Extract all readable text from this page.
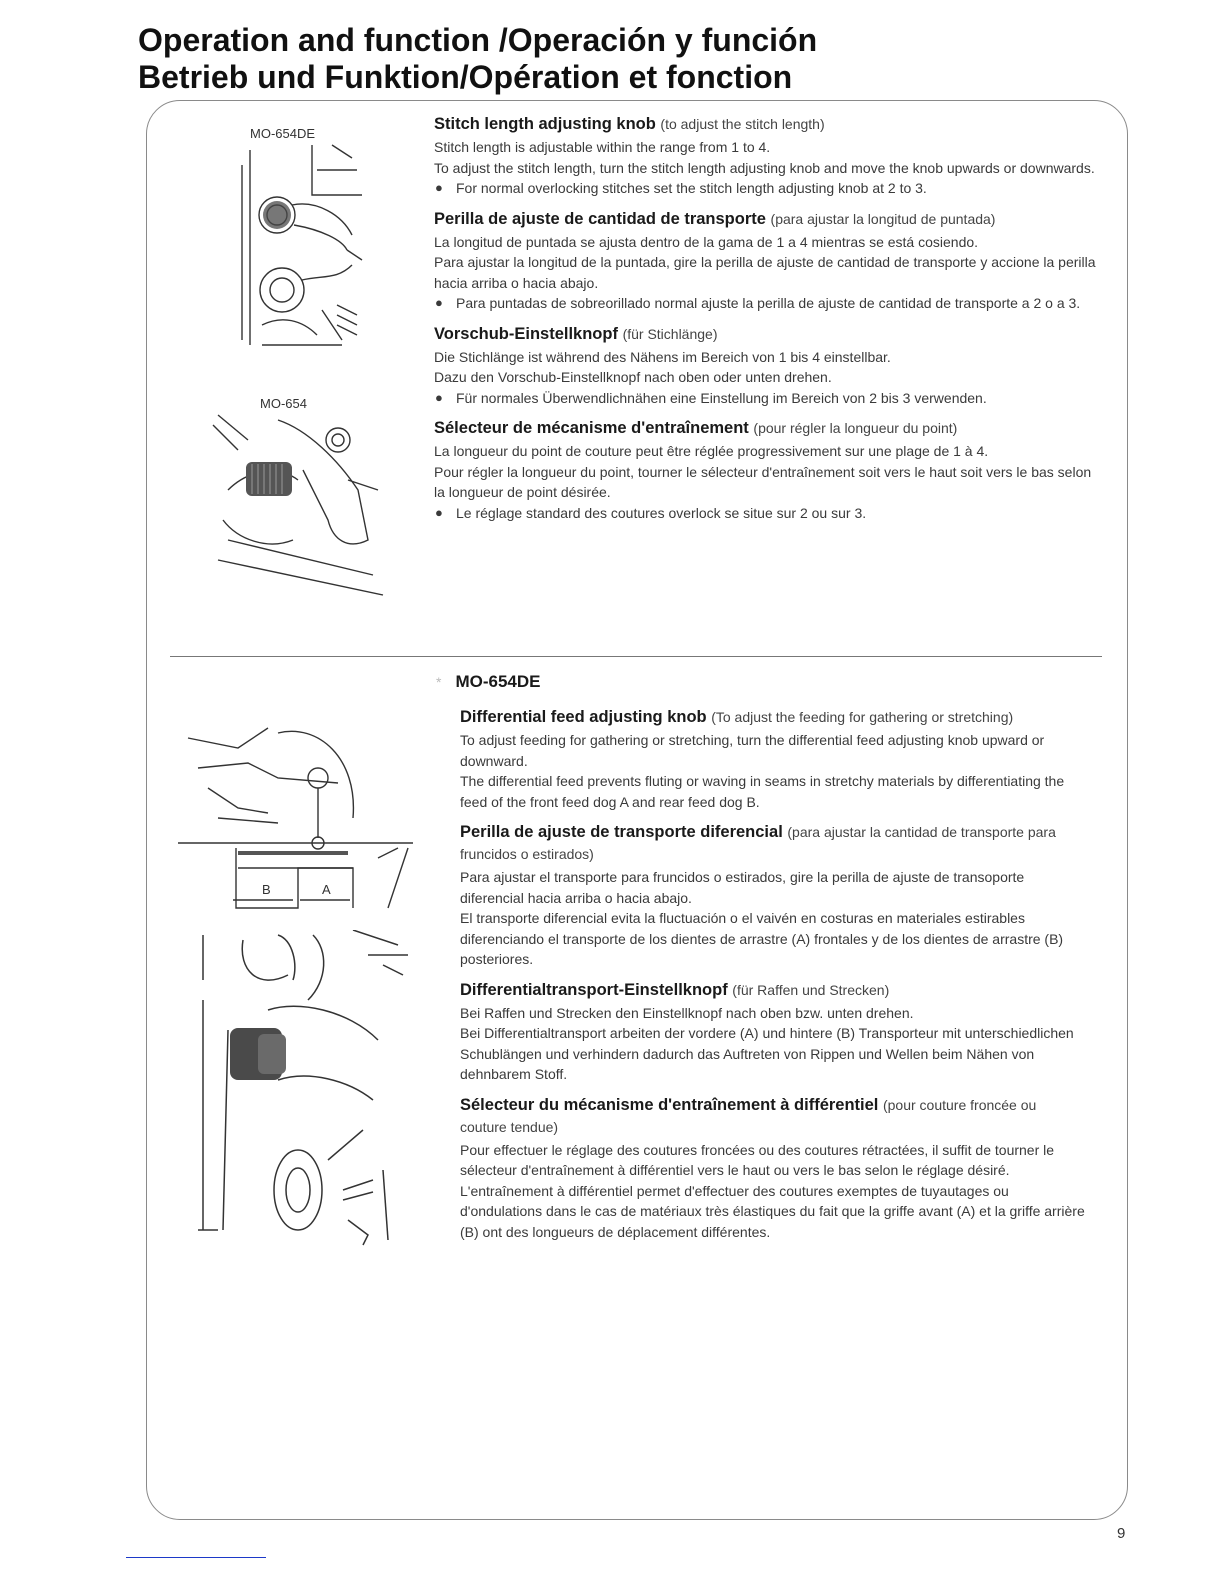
Operation and function /Operación y función
Betrieb und Funktion/Opération et fonction
MO-654DE
MO-654
B	A
Stitch length adjusting knob (to adjust the stitch length)
Stitch length is adjustable within the range from 1 to 4.
To adjust the stitch length, turn the stitch length adjusting knob and move the knob upwards or downwards.
● For normal overlocking stitches set the stitch length adjusting knob at 2 to 3.
Perilla de ajuste de cantidad de transporte (para ajustar la longitud de puntada)
La longitud de puntada se ajusta dentro de la gama de 1 a 4 mientras se está cosiendo.
Para ajustar la longitud de la puntada, gire la perilla de ajuste de cantidad de transporte y accione la perilla hacia arriba o hacia abajo.
● Para puntadas de sobreorillado normal ajuste la perilla de ajuste de cantidad de transporte a 2 o a 3.
Vorschub-Einstellknopf (für Stichlänge)
Die Stichlänge ist während des Nähens im Bereich von 1 bis 4 einstellbar.
Dazu den Vorschub-Einstellknopf nach oben oder unten drehen.
● Für normales Überwendlichnähen eine Einstellung im Bereich von 2 bis 3 verwenden.
Sélecteur de mécanisme d'entraînement (pour régler la longueur du point)
La longueur du point de couture peut être réglée progressivement sur une plage de 1 à 4.
Pour régler la longueur du point, tourner le sélecteur d'entraînement soit vers le haut soit vers le bas selon la longueur de point désirée.
● Le réglage standard des coutures overlock se situe sur 2 ou sur 3.
* MO-654DE
Differential feed adjusting knob (To adjust the feeding for gathering or stretching)
To adjust feeding for gathering or stretching, turn the differential feed adjusting knob upward or downward.
The differential feed prevents fluting or waving in seams in stretchy materials by differentiating the feed of the front feed dog A and rear feed dog B.
Perilla de ajuste de transporte diferencial (para ajustar la cantidad de transporte para fruncidos o estirados)
Para ajustar el transporte para fruncidos o estirados, gire la perilla de ajuste de transoporte diferencial hacia arriba o hacia abajo.
El transporte diferencial evita la fluctuación o el vaivén en costuras en materiales estirables diferenciando el transporte de los dientes de arrastre (A) frontales y de los dientes de arrastre (B) posteriores.
Differentialtransport-Einstellknopf (für Raffen und Strecken)
Bei Raffen und Strecken den Einstellknopf nach oben bzw. unten drehen.
Bei Differentialtransport arbeiten der vordere (A) und hintere (B) Transporteur mit unterschiedlichen Schublängen und verhindern dadurch das Auftreten von Rippen und Wellen beim Nähen von dehnbarem Stoff.
Sélecteur du mécanisme d'entraînement à différentiel (pour couture froncée ou couture tendue)
Pour effectuer le réglage des coutures froncées ou des coutures rétractées, il suffit de tourner le sélecteur d'entraînement à différentiel vers le haut ou vers le bas selon le réglage désiré.
L'entraînement à différentiel permet d'effectuer des coutures exemptes de tuyautages ou d'ondulations dans le cas de matériaux très élastiques du fait que la griffe avant (A) et la griffe arrière (B) ont des longueurs de déplacement différentes.
9
